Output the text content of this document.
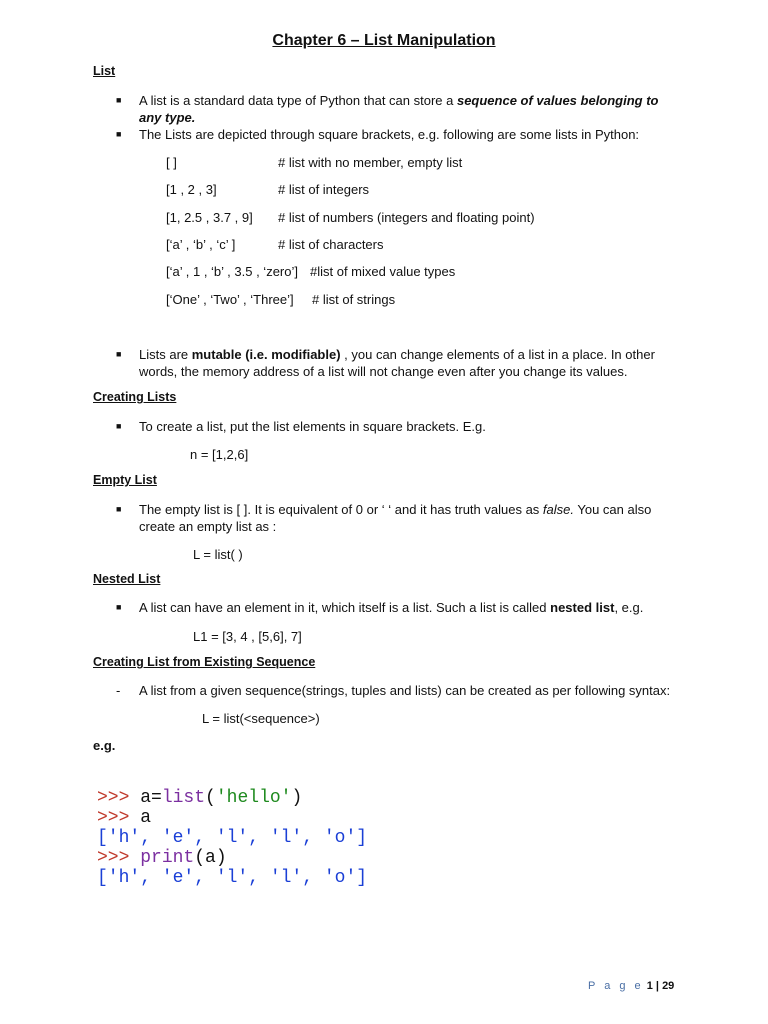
Chapter 6 – List Manipulation
List
■	A list is a standard data type of Python that can store a sequence of values belonging to any type.
■	The Lists are depicted through square brackets, e.g. following are some lists in Python:
[ ]	# list with no member, empty list
[1 , 2 , 3]	# list of integers
[1, 2.5 , 3.7 , 9] # list of numbers (integers and floating point)
[‘a’ , ‘b’ , ‘c’ ]	# list of characters
[‘a’ , 1 , ‘b’ , 3.5 , ‘zero’] #list of mixed value types
[‘One’ , ‘Two’ , ‘Three’] # list of strings
■	Lists are mutable (i.e. modifiable) , you can change elements of a list in a place. In other words, the memory address of a list will not change even after you change its values.
Creating Lists
■	To create a list, put the list elements in square brackets. E.g.
n = [1,2,6]
Empty List
■	The empty list is [ ]. It is equivalent of 0 or ‘ ‘ and it has truth values as false. You can also create an empty list as :
L = list( )
Nested List
■	A list can have an element in it, which itself is a list. Such a list is called nested list, e.g.
L1 = [3, 4 , [5,6], 7]
Creating List from Existing Sequence
-	A list from a given sequence(strings, tuples and lists) can be created as per following syntax:
L = list(<sequence>)
e.g.
>>> a=list('hello')
>>> a
['h', 'e', 'l', 'l', 'o']
>>> print(a)
['h', 'e', 'l', 'l', 'o']
P a g e 1 | 29
